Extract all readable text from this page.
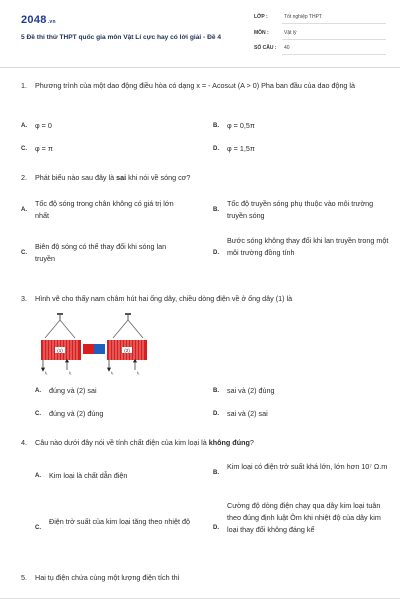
2048.vn
5 Đề thi thử THPT quốc gia môn Vật Lí cực hay có lời giải - Đề 4
LỚP :	Tốt nghiệp THPT
MÔN :	Vật lý
SỐ CÂU : 40
1. Phương trình của một dao động điều hòa có dạng x = - Acosωt (A > 0) Pha ban đầu của dao động là
A. φ = 0	B. φ = 0,5π
C. φ = π	D. φ = 1,5π
2. Phát biểu nào sau đây là sai khi nói về sóng cơ?
A.
Tốc độ sóng trong chân không có giá trị lớn nhất
B.
Tốc độ truyền sóng phụ thuộc vào môi trường truyền sóng
C.
Biên độ sóng có thể thay đổi khi sóng lan truyền
D.
Bước sóng không thay đổi khi lan truyền trong một môi trường đồng tính
3. Hình vẽ cho thấy nam châm hút hai ống dây, chiều dòng điện về ở ống dây (1) là
(1)	(2)
I₁	I₁	I₁	I₁
A. đúng và (2) sai	B. sai và (2) đúng
C. đúng và (2) đúng	D. sai và (2) sai
4. Câu nào dưới đây nói về tính chất điện của kim loại là không đúng?
A. Kim loại là chất dẫn điện	B.
Kim loại có điện trở suất khá lớn, lớn hơn 10⁷ Ω.m
C.
Điện trở suất của kim loại tăng theo nhiệt độ
D.
Cường độ dòng điện chạy qua dây kim loại tuân theo đúng định luật Ôm khi nhiệt độ của dây kim loại thay đổi không đáng kể
5. Hai tụ điện chứa cùng một lượng điện tích thì
